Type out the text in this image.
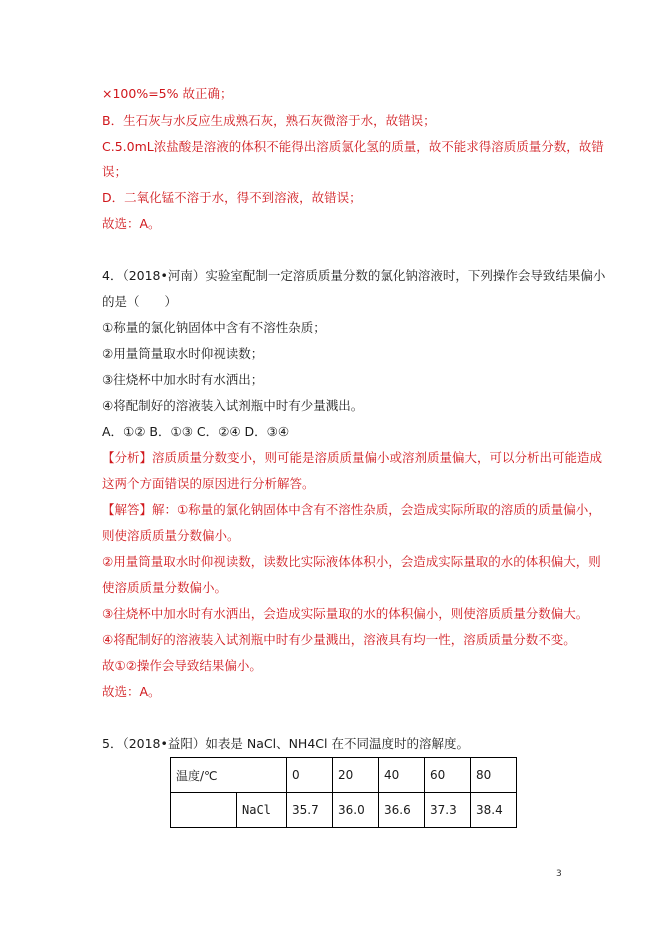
×100%=5% 故正确；
B．生石灰与水反应生成熟石灰，熟石灰微溶于水，故错误；
C.5.0mL浓盐酸是溶液的体积不能得出溶质氯化氢的质量，故不能求得溶质质量分数，故错
误；
D．二氧化锰不溶于水，得不到溶液，故错误；
故选：A。
4．（2018•河南）实验室配制一定溶质质量分数的氯化钠溶液时，下列操作会导致结果偏小
的是（　　）
①称量的氯化钠固体中含有不溶性杂质；
②用量筒量取水时仰视读数；
③往烧杯中加水时有水洒出；
④将配制好的溶液装入试剂瓶中时有少量溅出。
A．①② B．①③ C．②④ D．③④
【分析】溶质质量分数变小，则可能是溶质质量偏小或溶剂质量偏大，可以分析出可能造成
这两个方面错误的原因进行分析解答。
【解答】解：①称量的氯化钠固体中含有不溶性杂质，会造成实际所取的溶质的质量偏小，
则使溶质质量分数偏小。
②用量筒量取水时仰视读数，读数比实际液体体积小，会造成实际量取的水的体积偏大，则
使溶质质量分数偏小。
③往烧杯中加水时有水洒出，会造成实际量取的水的体积偏小，则使溶质质量分数偏大。
④将配制好的溶液装入试剂瓶中时有少量溅出，溶液具有均一性，溶质质量分数不变。
故①②操作会导致结果偏小。
故选：A。
5．（2018•益阳）如表是 NaCl、NH4Cl 在不同温度时的溶解度。
温度/℃		0	20	40	60	80
	NaCl	35.7	36.0	36.6	37.3	38.4
3
